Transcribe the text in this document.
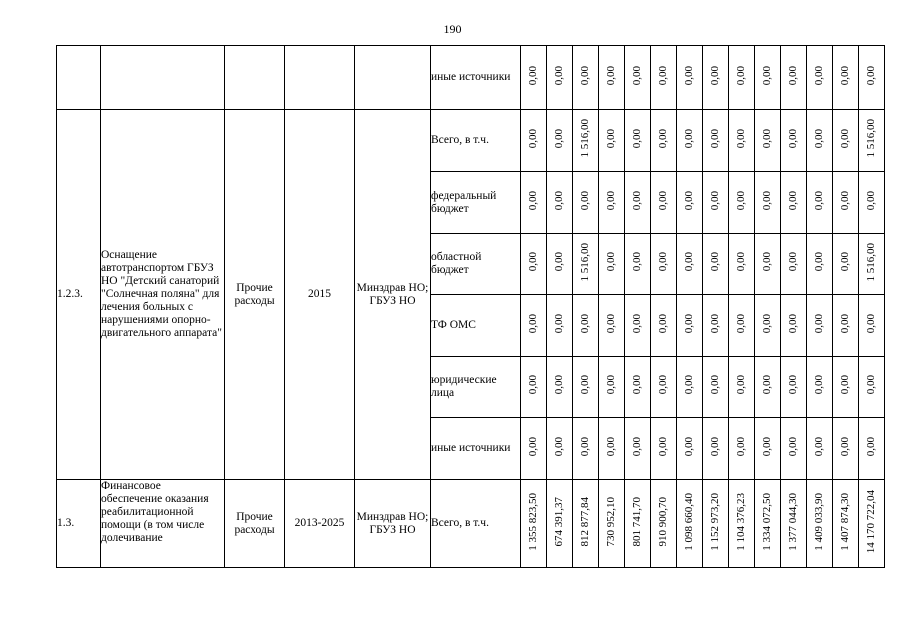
190
					иные источники	0,00	0,00	0,00	0,00	0,00	0,00	0,00	0,00	0,00	0,00	0,00	0,00	0,00	0,00
1.2.3.	Оснащение автотранспортом ГБУЗ НО "Детский санаторий "Солнечная поляна" для лечения больных с нарушениями опорно-двигательного аппарата"	Прочие расходы	2015	Минздрав НО; ГБУЗ НО	Всего, в т.ч.	0,00	0,00	1 516,00	0,00	0,00	0,00	0,00	0,00	0,00	0,00	0,00	0,00	0,00	1 516,00
					федеральный бюджет	0,00	0,00	0,00	0,00	0,00	0,00	0,00	0,00	0,00	0,00	0,00	0,00	0,00	0,00
					областной бюджет	0,00	0,00	1 516,00	0,00	0,00	0,00	0,00	0,00	0,00	0,00	0,00	0,00	0,00	1 516,00
					ТФ ОМС	0,00	0,00	0,00	0,00	0,00	0,00	0,00	0,00	0,00	0,00	0,00	0,00	0,00	0,00
					юридические лица	0,00	0,00	0,00	0,00	0,00	0,00	0,00	0,00	0,00	0,00	0,00	0,00	0,00	0,00
					иные источники	0,00	0,00	0,00	0,00	0,00	0,00	0,00	0,00	0,00	0,00	0,00	0,00	0,00	0,00
1.3.	Финансовое обеспечение оказания реабилитационной помощи (в том числе долечивание	Прочие расходы	2013-2025	Минздрав НО; ГБУЗ НО	Всего, в т.ч.	1 355 823,50	674 391,37	812 877,84	730 952,10	801 741,70	910 900,70	1 098 660,40	1 152 973,20	1 104 376,23	1 334 072,50	1 377 044,30	1 409 033,90	1 407 874,30	14 170 722,04
